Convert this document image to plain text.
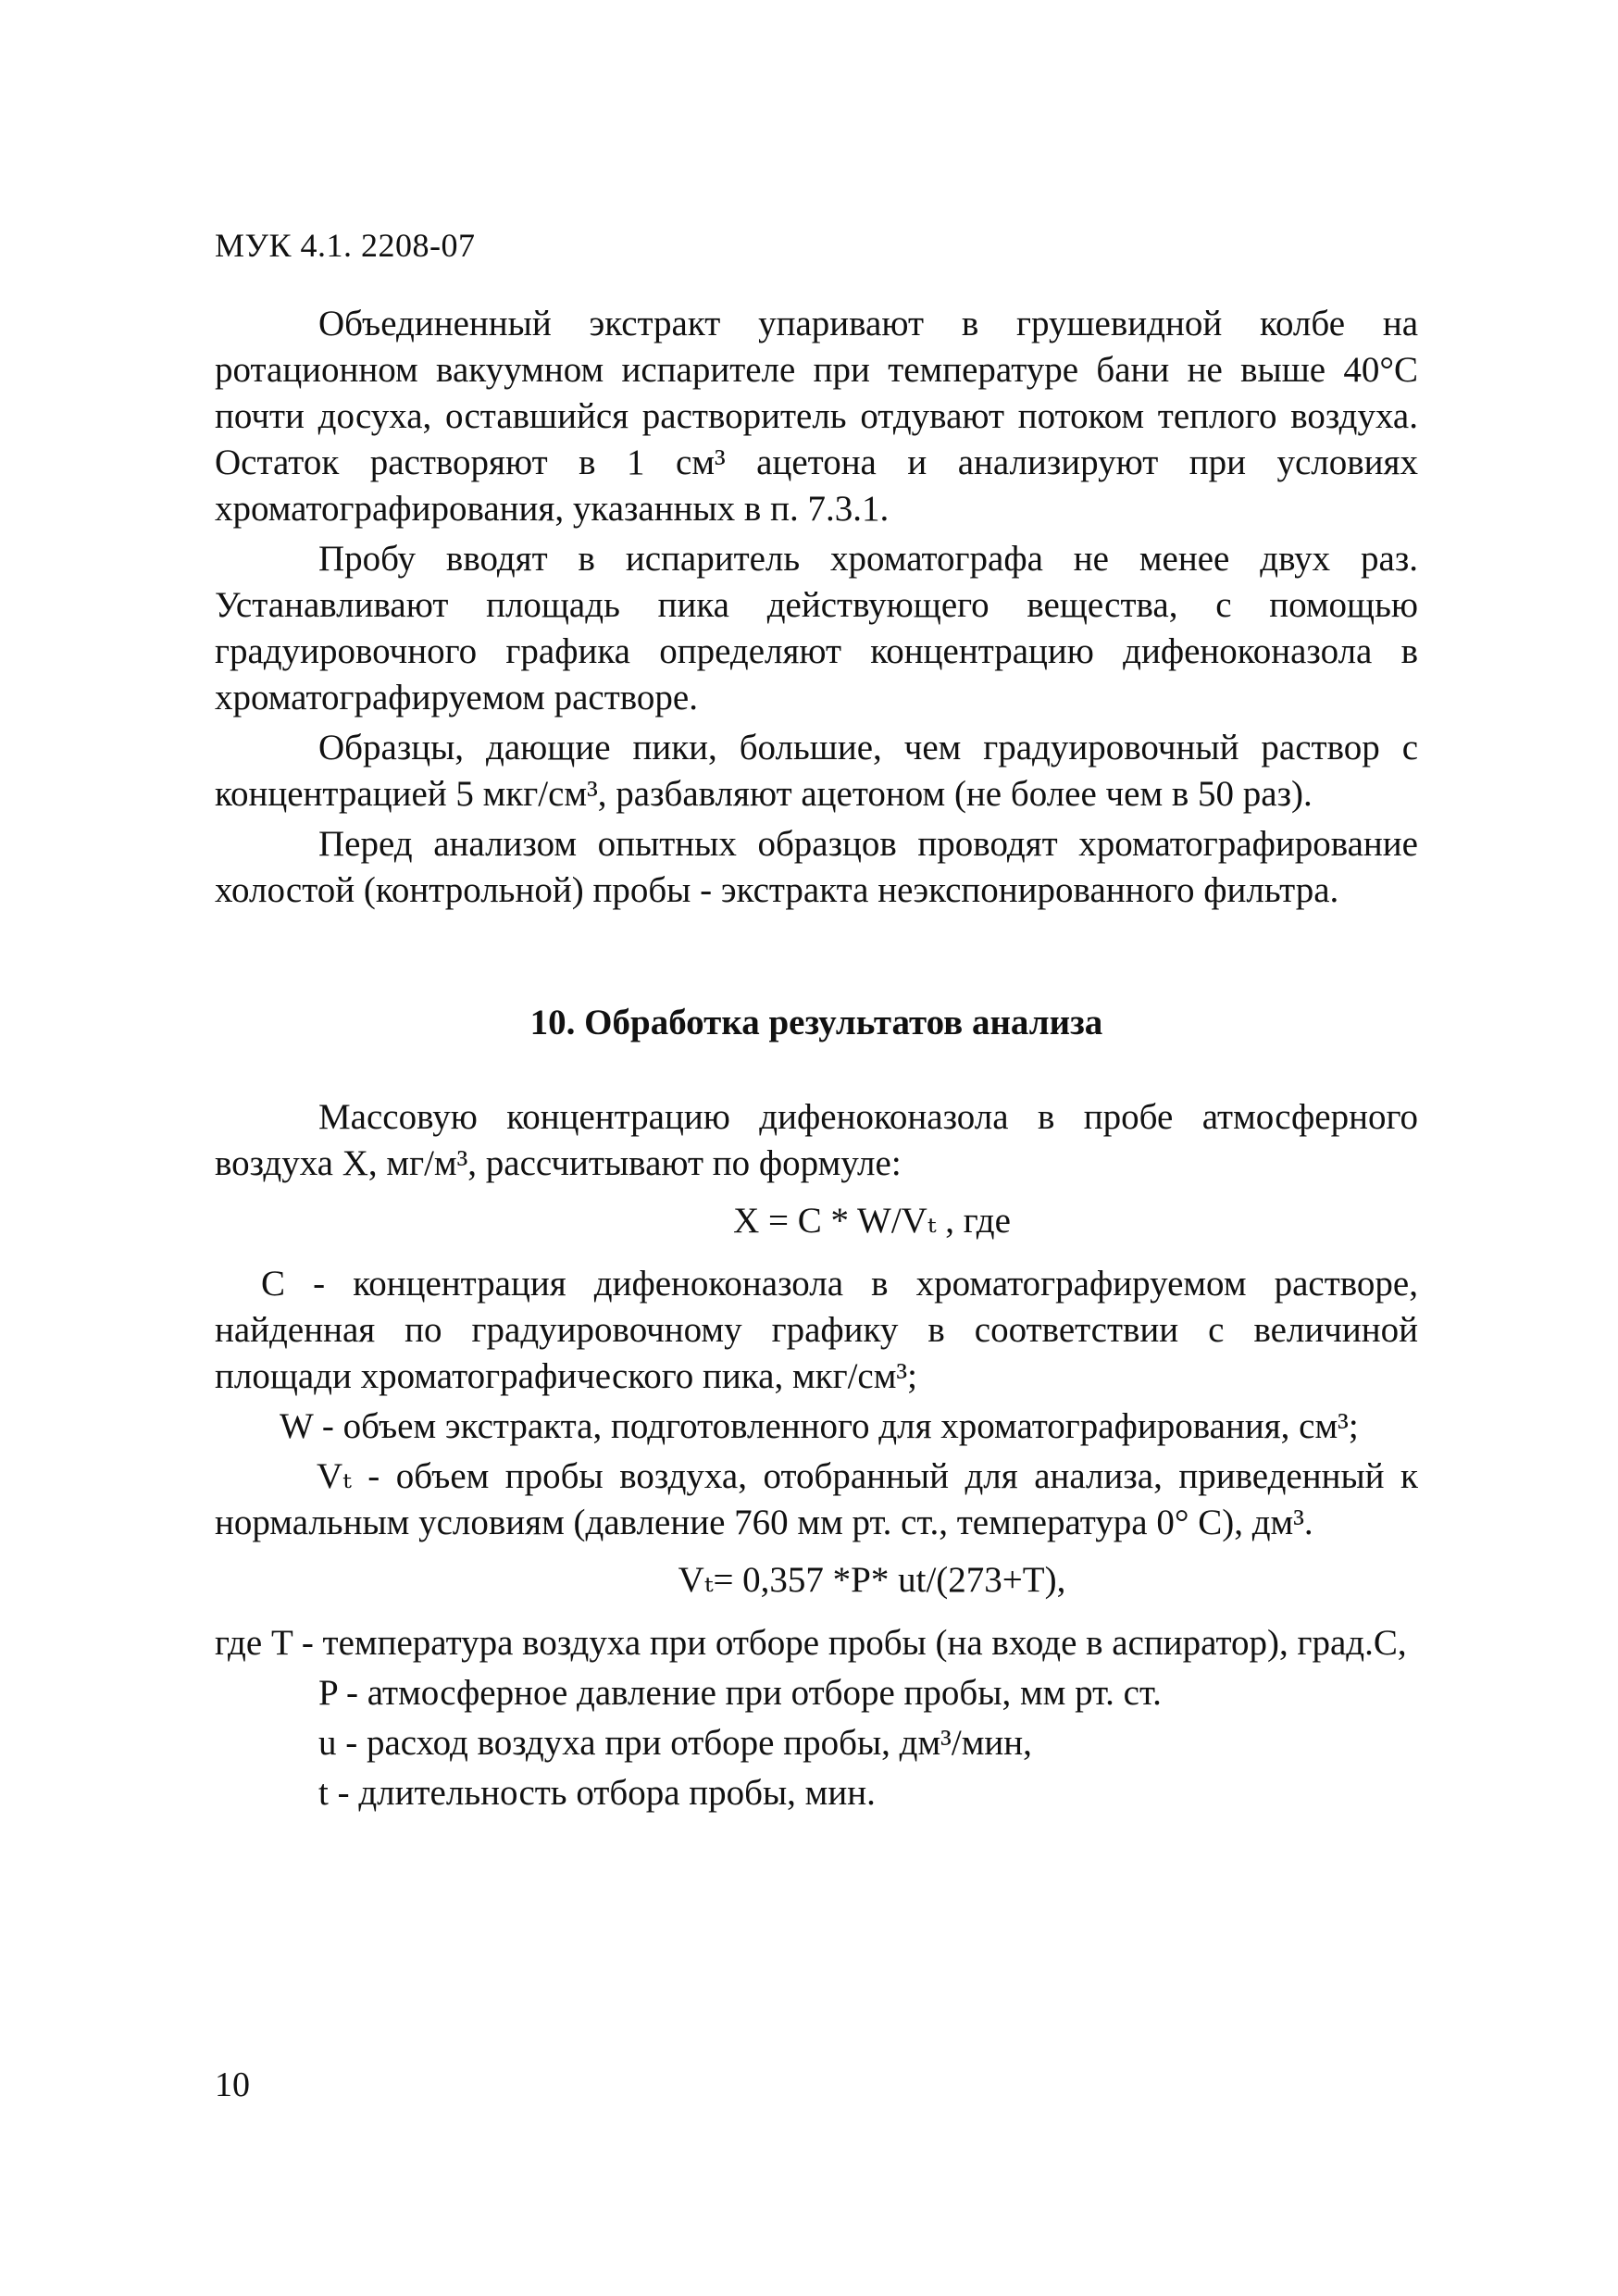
МУК 4.1. 2208-07

Объединенный экстракт упаривают в грушевидной колбе на ротационном вакуумном испарителе при температуре бани не выше 40°С почти досуха, оставшийся растворитель отдувают потоком теплого воздуха. Остаток растворяют в 1 см³ ацетона и анализируют при условиях хроматографирования, указанных в п. 7.3.1.

Пробу вводят в испаритель хроматографа не менее двух раз. Устанавливают площадь пика действующего вещества, с помощью градуировочного графика определяют концентрацию дифеноконазола в хроматографируемом растворе.

Образцы, дающие пики, большие, чем градуировочный раствор с концентрацией 5 мкг/см³, разбавляют ацетоном (не более чем в 50 раз).

Перед анализом опытных образцов проводят хроматографирование холостой (контрольной) пробы - экстракта неэкспонированного фильтра.

10. Обработка результатов анализа

Массовую концентрацию дифеноконазола в пробе атмосферного воздуха X, мг/м³, рассчитывают по формуле:

X = C * W/Vₜ , где

C - концентрация дифеноконазола в хроматографируемом растворе, найденная по градуировочному графику в соответствии с величиной площади хроматографического пика, мкг/см³;

W - объем экстракта, подготовленного для хроматографирования, см³;

Vₜ - объем пробы воздуха, отобранный для анализа, приведенный к нормальным условиям (давление 760 мм рт. ст., температура 0° С), дм³.

Vₜ= 0,357 *P* ut/(273+T),

где T - температура воздуха при отборе пробы (на входе в аспиратор), град.С,

P - атмосферное давление при отборе пробы, мм рт. ст.

u - расход воздуха при отборе пробы, дм³/мин,

t - длительность отбора пробы, мин.

10
